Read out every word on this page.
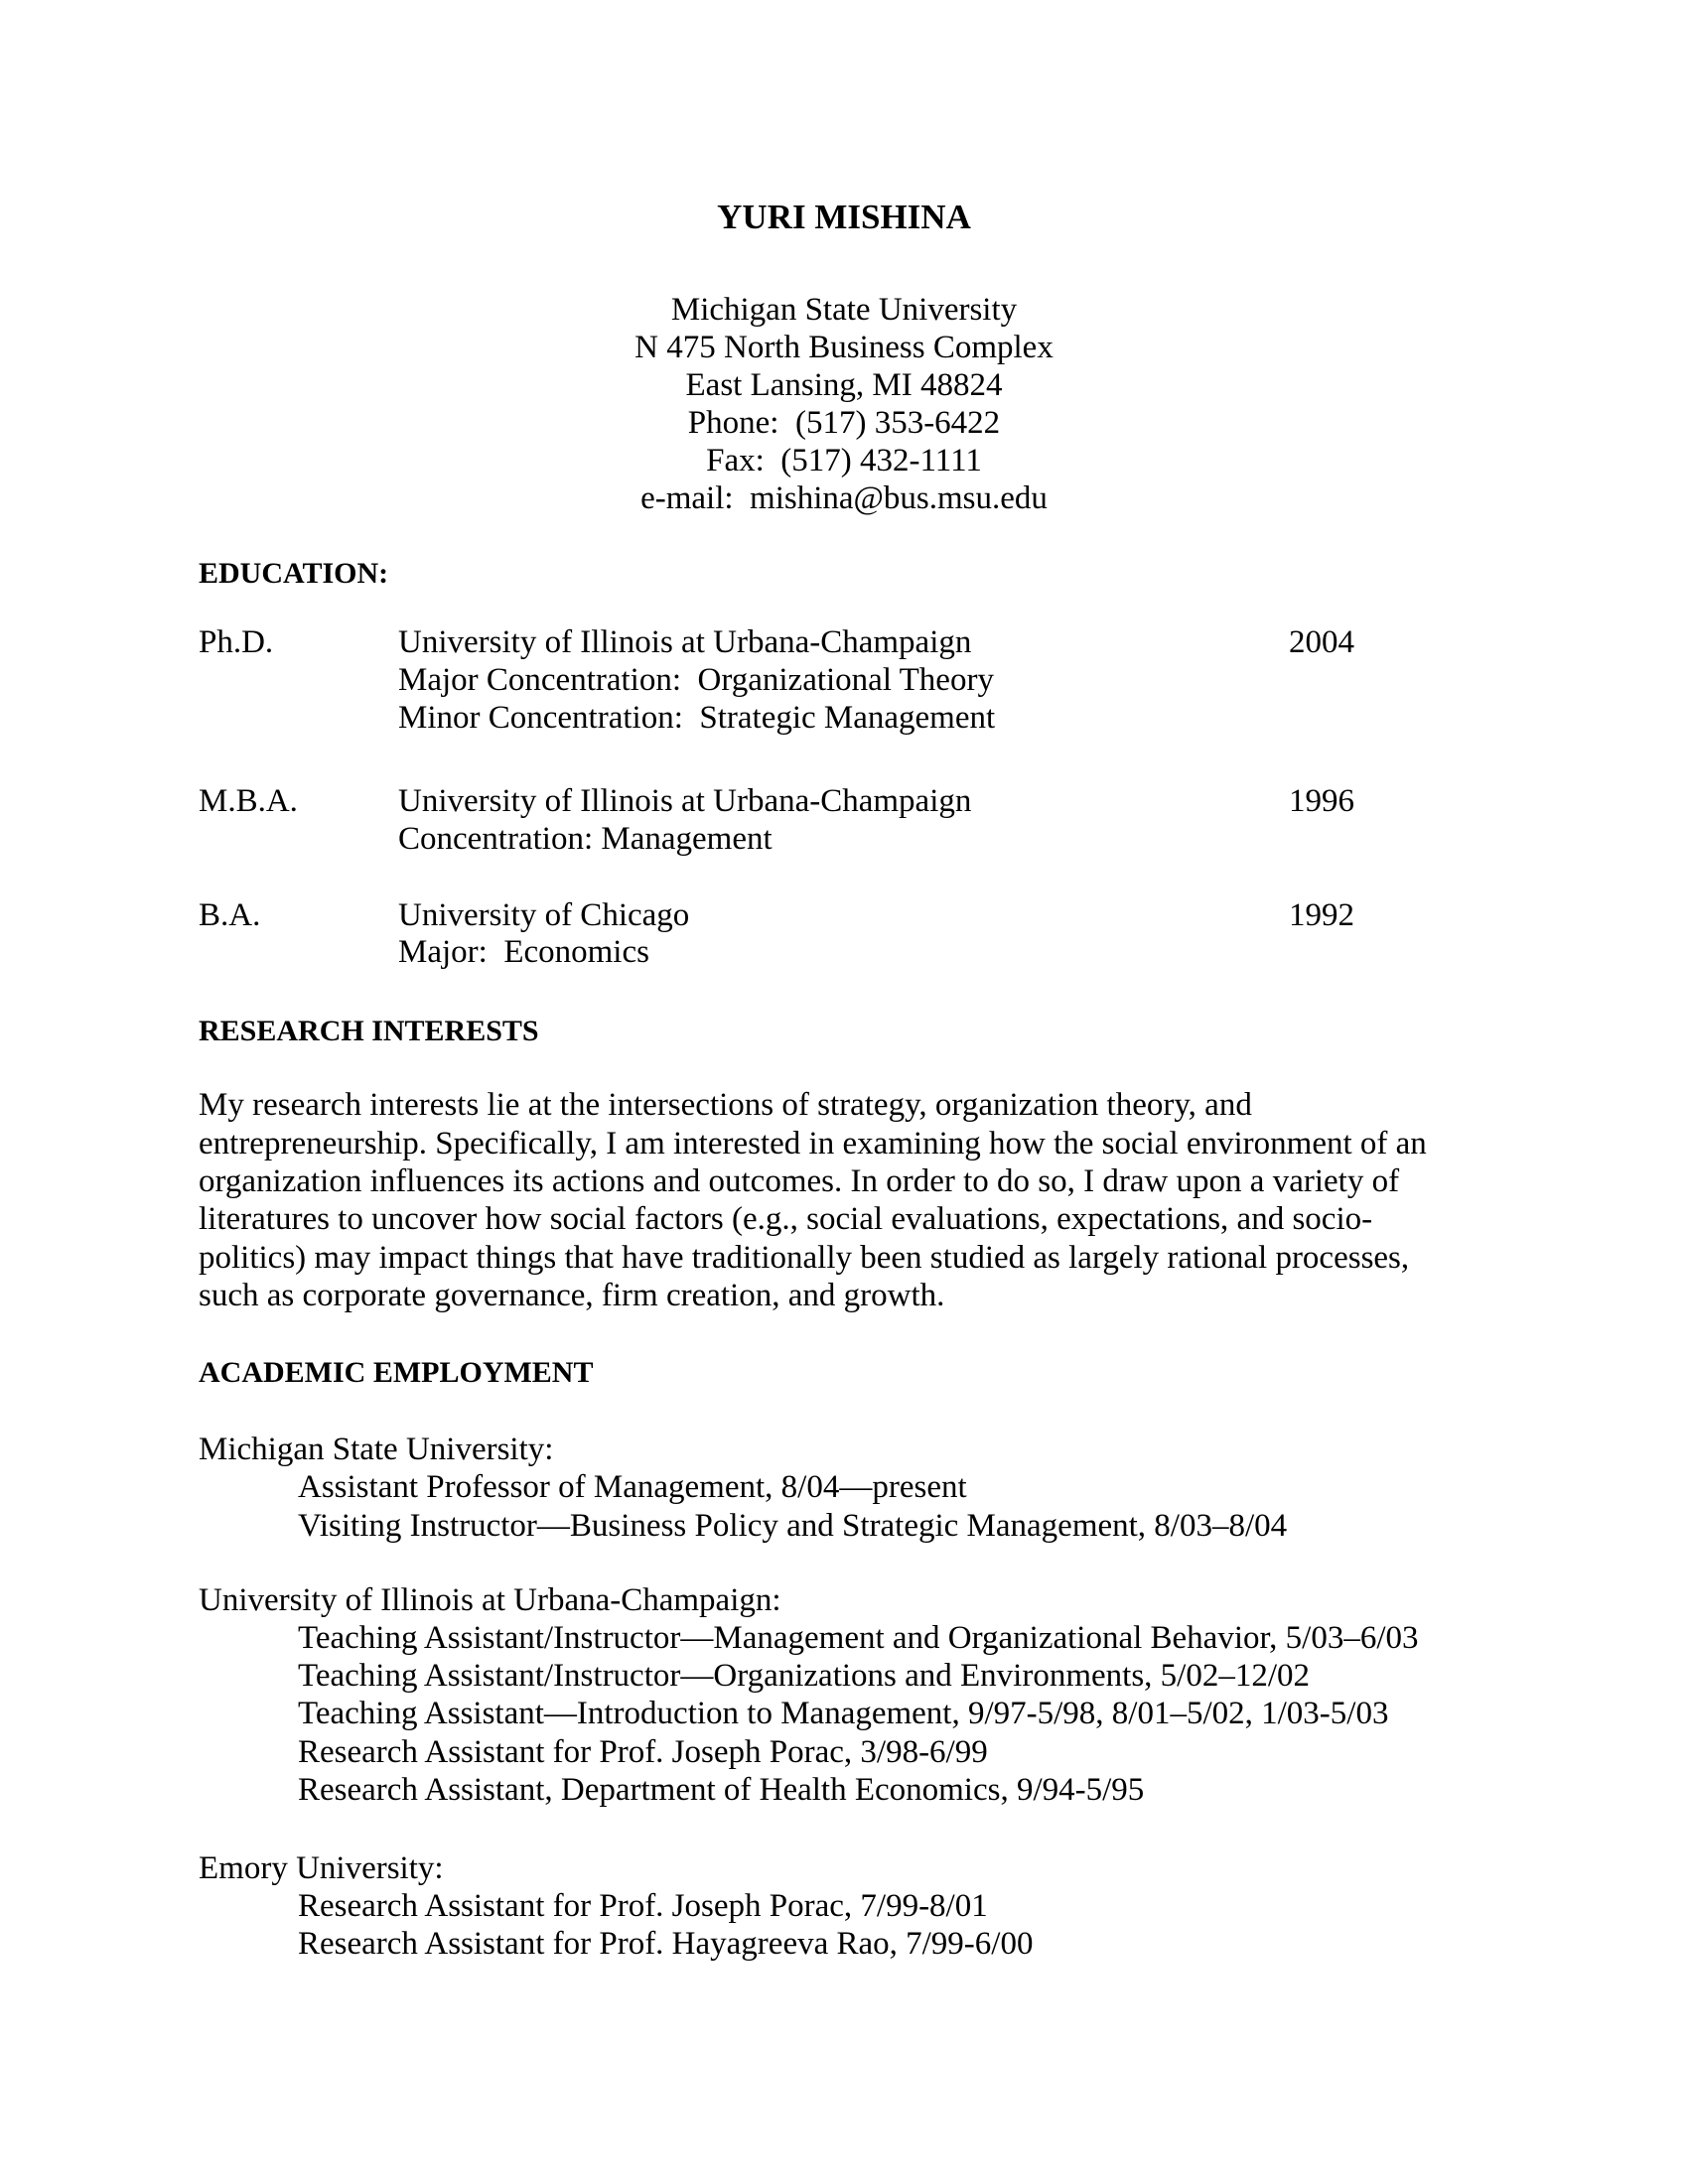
YURI MISHINA
Michigan State University
N 475 North Business Complex
East Lansing, MI 48824
Phone:  (517) 353-6422
Fax:  (517) 432-1111
e-mail:  mishina@bus.msu.edu
EDUCATION:
Ph.D.	University of Illinois at Urbana-Champaign	2004
Major Concentration:  Organizational Theory
Minor Concentration:  Strategic Management
M.B.A.	University of Illinois at Urbana-Champaign	1996
Concentration: Management
B.A.	University of Chicago	1992
Major:  Economics
RESEARCH INTERESTS
My research interests lie at the intersections of strategy, organization theory, and
entrepreneurship. Specifically, I am interested in examining how the social environment of an
organization influences its actions and outcomes. In order to do so, I draw upon a variety of
literatures to uncover how social factors (e.g., social evaluations, expectations, and socio-
politics) may impact things that have traditionally been studied as largely rational processes,
such as corporate governance, firm creation, and growth.
ACADEMIC EMPLOYMENT
Michigan State University:
Assistant Professor of Management, 8/04—present
Visiting Instructor—Business Policy and Strategic Management, 8/03–8/04
University of Illinois at Urbana-Champaign:
Teaching Assistant/Instructor—Management and Organizational Behavior, 5/03–6/03
Teaching Assistant/Instructor—Organizations and Environments, 5/02–12/02
Teaching Assistant—Introduction to Management, 9/97-5/98, 8/01–5/02, 1/03-5/03
Research Assistant for Prof. Joseph Porac, 3/98-6/99
Research Assistant, Department of Health Economics, 9/94-5/95
Emory University:
Research Assistant for Prof. Joseph Porac, 7/99-8/01
Research Assistant for Prof. Hayagreeva Rao, 7/99-6/00
